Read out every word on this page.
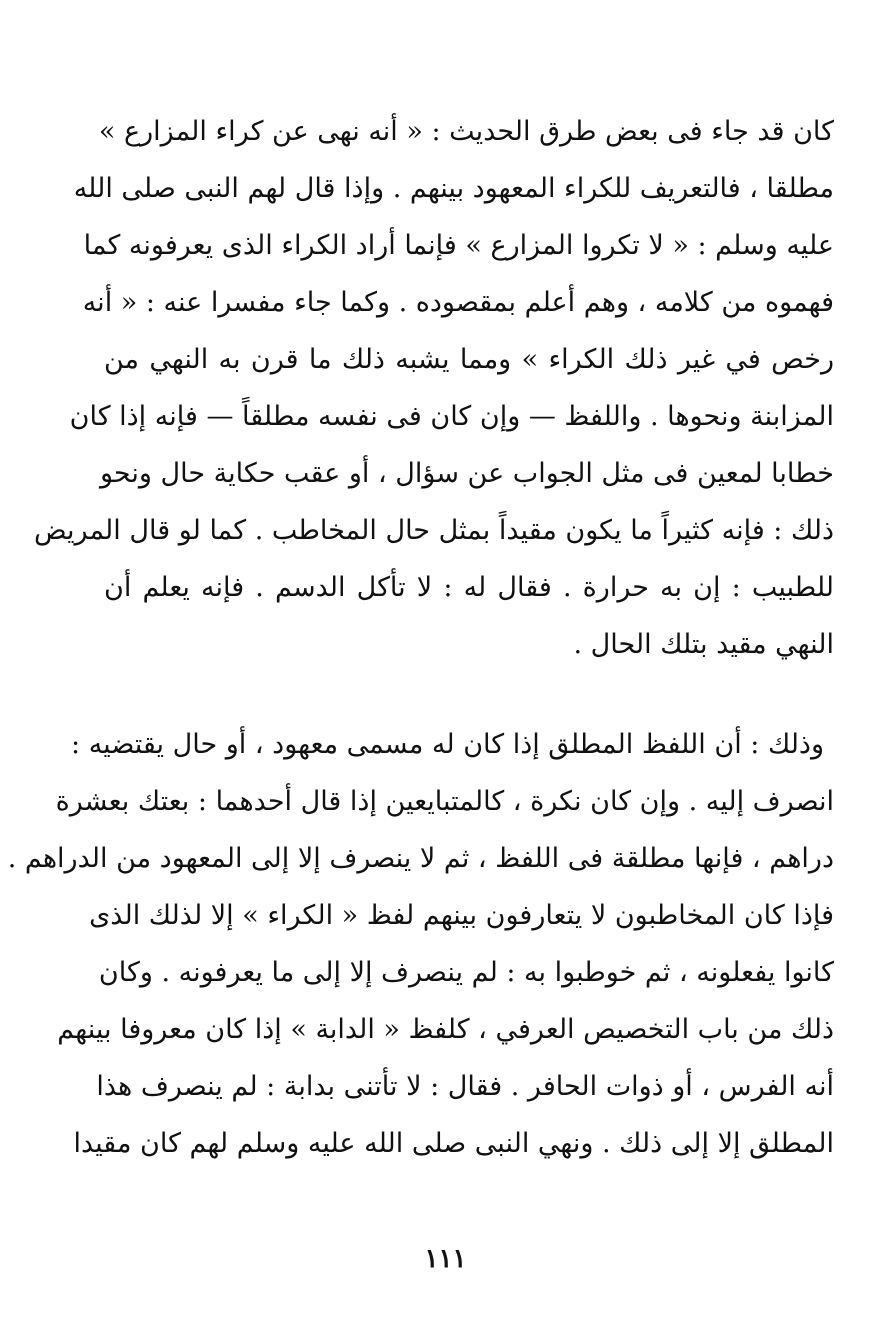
كان قد جاء فى بعض طرق الحديث : « أنه نهى عن كراء المزارع »
مطلقا ، فالتعريف للكراء المعهود بينهم . وإذا قال لهم النبى صلى الله
عليه وسلم : « لا تكروا المزارع » فإنما أراد الكراء الذى يعرفونه كما
فهموه من كلامه ، وهم أعلم بمقصوده . وكما جاء مفسرا عنه : « أنه
رخص في غير ذلك الكراء » ومما يشبه ذلك ما قرن به النهي من
المزابنة ونحوها . واللفظ — وإن كان فى نفسه مطلقاً — فإنه إذا كان
خطابا لمعين فى مثل الجواب عن سؤال ، أو عقب حكاية حال ونحو
ذلك : فإنه كثيراً ما يكون مقيداً بمثل حال المخاطب . كما لو قال المريض
للطبيب : إن به حرارة . فقال له : لا تأكل الدسم . فإنه يعلم أن
النهي مقيد بتلك الحال .
وذلك : أن اللفظ المطلق إذا كان له مسمى معهود ، أو حال يقتضيه :
انصرف إليه . وإن كان نكرة ، كالمتبايعين إذا قال أحدهما : بعتك بعشرة
دراهم ، فإنها مطلقة فى اللفظ ، ثم لا ينصرف إلا إلى المعهود من الدراهم .
فإذا كان المخاطبون لا يتعارفون بينهم لفظ « الكراء » إلا لذلك الذى
كانوا يفعلونه ، ثم خوطبوا به : لم ينصرف إلا إلى ما يعرفونه . وكان
ذلك من باب التخصيص العرفي ، كلفظ « الدابة » إذا كان معروفا بينهم
أنه الفرس ، أو ذوات الحافر . فقال : لا تأتنى بدابة : لم ينصرف هذا
المطلق إلا إلى ذلك . ونهي النبى صلى الله عليه وسلم لهم كان مقيدا
١١١
